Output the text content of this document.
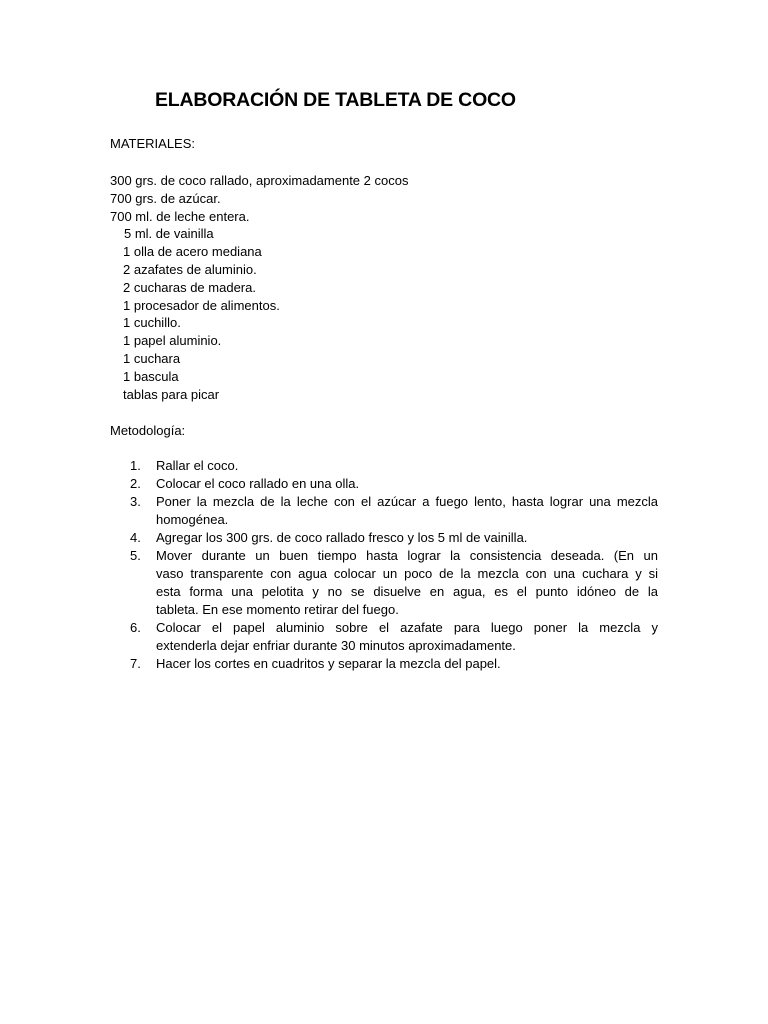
ELABORACIÓN DE TABLETA DE COCO
MATERIALES:
300 grs. de coco rallado, aproximadamente 2 cocos
700 grs. de azúcar.
700 ml. de leche entera.
5 ml. de vainilla
1 olla de acero mediana
2 azafates de aluminio.
2 cucharas de madera.
1 procesador de alimentos.
1 cuchillo.
1 papel aluminio.
1 cuchara
1 bascula
tablas para picar
Metodología:
1.	Rallar el coco.
2.	Colocar el coco rallado en una olla.
3.	Poner la mezcla de la leche con el azúcar a fuego lento, hasta lograr una mezcla
homogénea.
4.	Agregar los 300 grs. de coco rallado fresco y los 5 ml de vainilla.
5.	Mover durante un buen tiempo hasta lograr la consistencia deseada. (En un
vaso transparente con agua colocar un poco de la mezcla con una cuchara y si
esta forma una pelotita y no se disuelve en agua, es el punto idóneo de la
tableta. En ese momento retirar del fuego.
6.	Colocar el papel aluminio sobre el azafate para luego poner la mezcla y
extenderla dejar enfriar durante 30 minutos aproximadamente.
7.	Hacer los cortes en cuadritos y separar la mezcla del papel.
